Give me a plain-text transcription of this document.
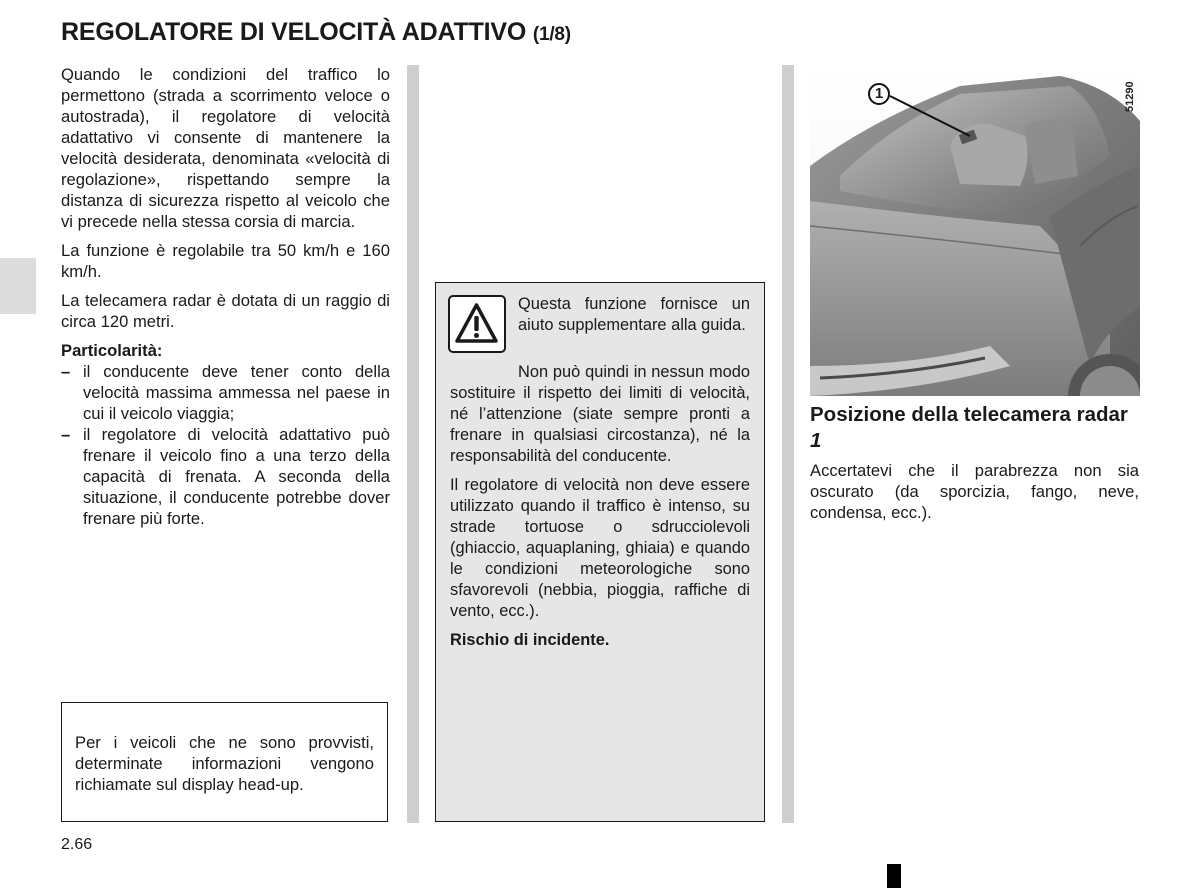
REGOLATORE DI VELOCITÀ ADATTIVO (1/8)

Quando le condizioni del traffico lo permettono (strada a scorrimento veloce o autostrada), il regolatore di velocità adattativo vi consente di mantenere la velocità desiderata, denominata «velocità di regolazione», rispettando sempre la distanza di sicurezza rispetto al veicolo che vi precede nella stessa corsia di marcia.

La funzione è regolabile tra 50 km/h e 160 km/h.

La telecamera radar è dotata di un raggio di circa 120 metri.

Particolarità:

– il conducente deve tener conto della velocità massima ammessa nel paese in cui il veicolo viaggia;
– il regolatore di velocità adattativo può frenare il veicolo fino a una terzo della capacità di frenata. A seconda della situazione, il conducente potrebbe dover frenare più forte.

Per i veicoli che ne sono provvisti, determinate informazioni vengono richiamate sul display head-up.

Questa funzione fornisce un aiuto supplementare alla guida.

Non può quindi in nessun modo sostituire il rispetto dei limiti di velocità, né l’attenzione (siate sempre pronti a frenare in qualsiasi circostanza), né la responsabilità del conducente.

Il regolatore di velocità non deve essere utilizzato quando il traffico è intenso, su strade tortuose o sdrucciolevoli (ghiaccio, aquaplaning, ghiaia) e quando le condizioni meteorologiche sono sfavorevoli (nebbia, pioggia, raffiche di vento, ecc.).

Rischio di incidente.

1	51290
Posizione della telecamera radar 1

Accertatevi che il parabrezza non sia oscurato (da sporcizia, fango, neve, condensa, ecc.).

2.66
